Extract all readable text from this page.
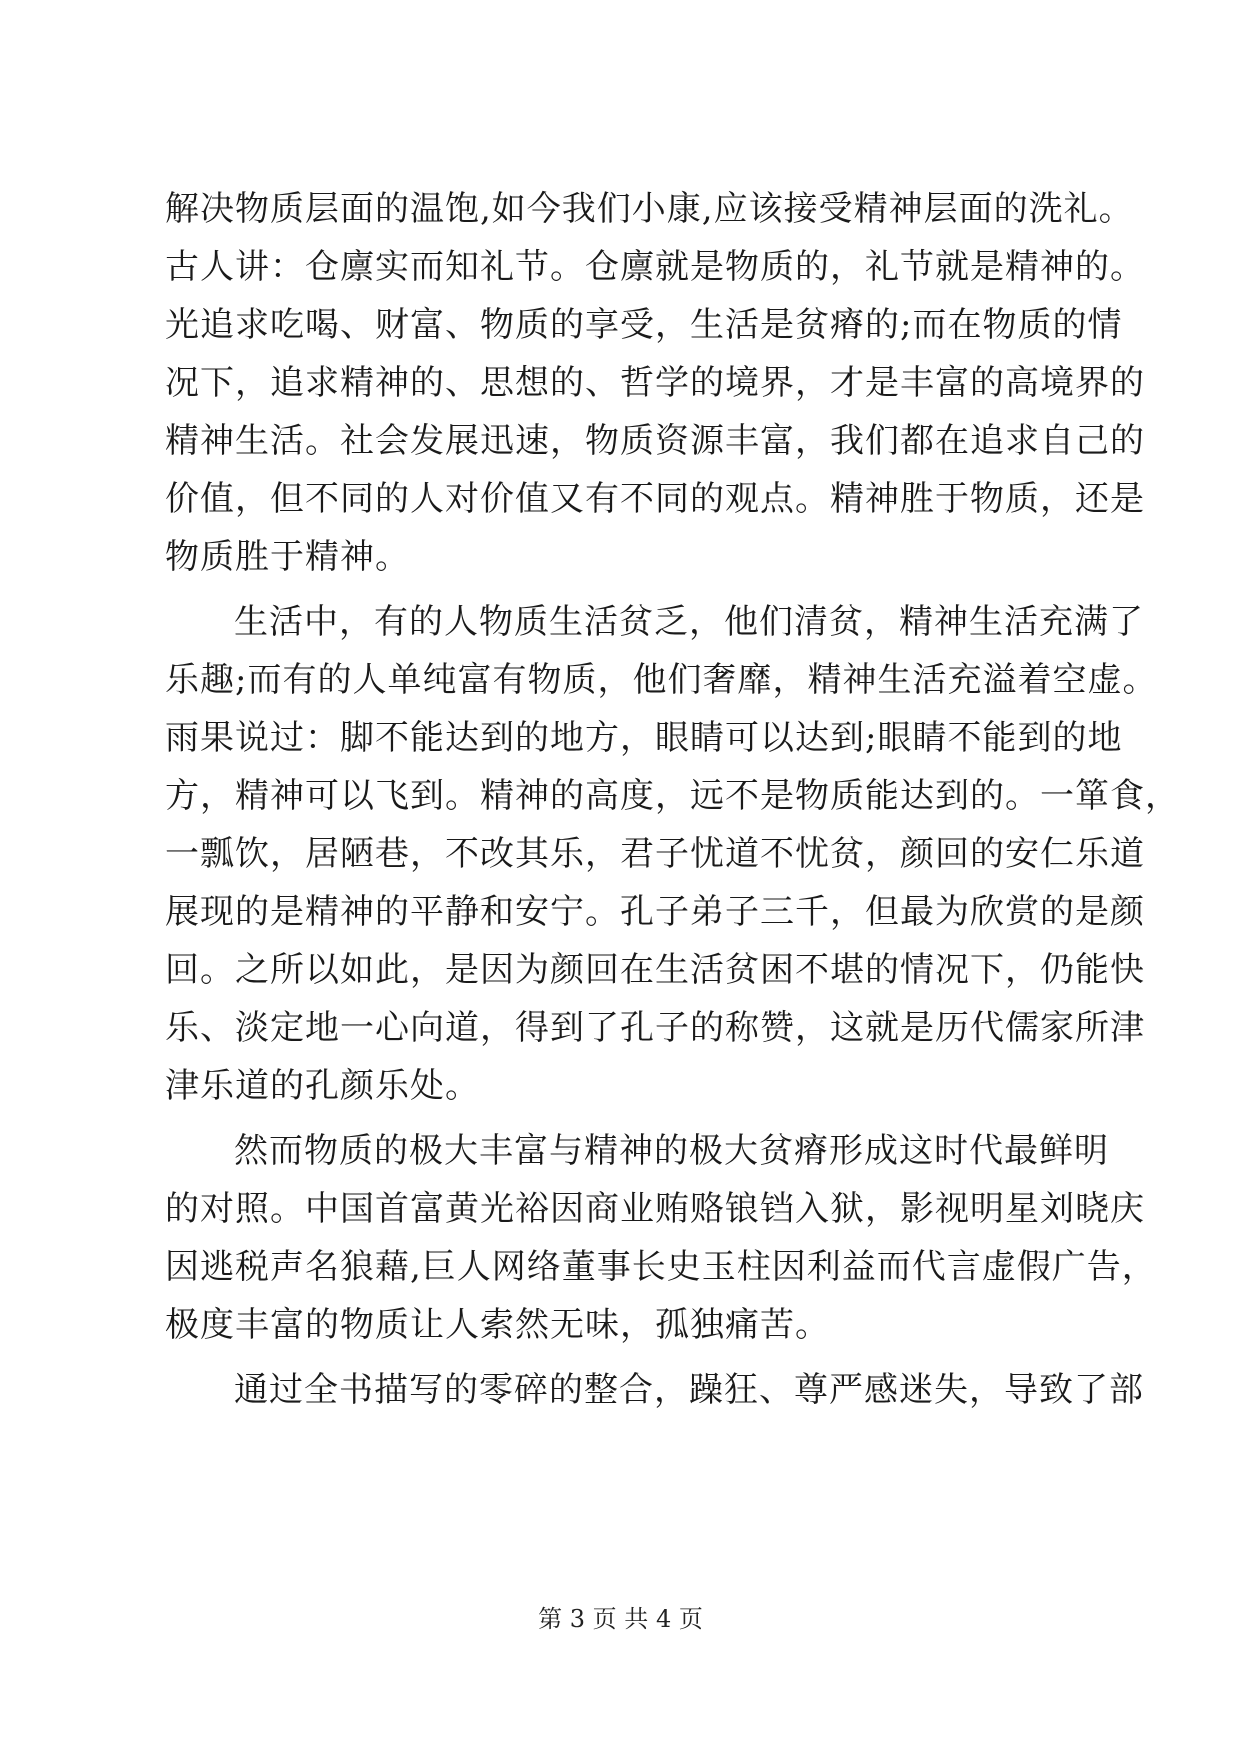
解决物质层面的温饱,如今我们小康,应该接受精神层面的洗礼。
古人讲：仓廪实而知礼节。仓廪就是物质的，礼节就是精神的。
光追求吃喝、财富、物质的享受，生活是贫瘠的;而在物质的情
况下，追求精神的、思想的、哲学的境界，才是丰富的高境界的
精神生活。社会发展迅速，物质资源丰富，我们都在追求自己的
价值，但不同的人对价值又有不同的观点。精神胜于物质，还是
物质胜于精神。
生活中，有的人物质生活贫乏，他们清贫，精神生活充满了
乐趣;而有的人单纯富有物质，他们奢靡，精神生活充溢着空虚。
雨果说过：脚不能达到的地方，眼睛可以达到;眼睛不能到的地
方，精神可以飞到。精神的高度，远不是物质能达到的。一箪食，
一瓢饮，居陋巷，不改其乐，君子忧道不忧贫，颜回的安仁乐道
展现的是精神的平静和安宁。孔子弟子三千，但最为欣赏的是颜
回。之所以如此，是因为颜回在生活贫困不堪的情况下，仍能快
乐、淡定地一心向道，得到了孔子的称赞，这就是历代儒家所津
津乐道的孔颜乐处。
然而物质的极大丰富与精神的极大贫瘠形成这时代最鲜明
的对照。中国首富黄光裕因商业贿赂锒铛入狱，影视明星刘晓庆
因逃税声名狼藉,巨人网络董事长史玉柱因利益而代言虚假广告，
极度丰富的物质让人索然无味，孤独痛苦。
通过全书描写的零碎的整合，躁狂、尊严感迷失，导致了部
第 3 页 共 4 页
